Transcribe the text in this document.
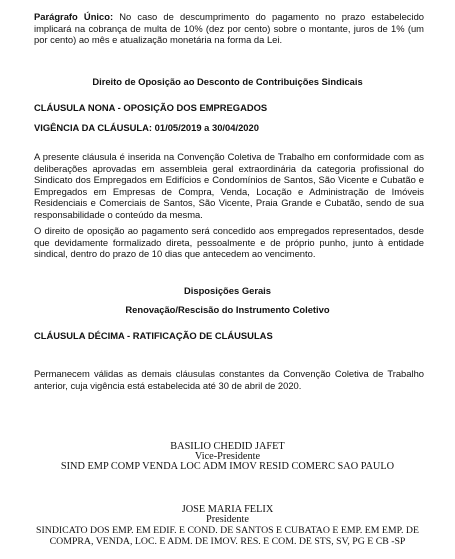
Parágrafo Único: No caso de descumprimento do pagamento no prazo estabelecido implicará na cobrança de multa de 10% (dez por cento) sobre o montante, juros de 1% (um por cento) ao mês e atualização monetária na forma da Lei.
Direito de Oposição ao Desconto de Contribuições Sindicais
CLÁUSULA NONA - OPOSIÇÃO DOS EMPREGADOS
VIGÊNCIA DA CLÁUSULA: 01/05/2019 a 30/04/2020
A presente cláusula é inserida na Convenção Coletiva de Trabalho em conformidade com as deliberações aprovadas em assembleia geral extraordinária da categoria profissional do Sindicato dos Empregados em Edifícios e Condomínios de Santos, São Vicente e Cubatão e Empregados em Empresas de Compra, Venda, Locação e Administração de Imóveis Residenciais e Comerciais de Santos, São Vicente, Praia Grande e Cubatão, sendo de sua responsabilidade o conteúdo da mesma.
O direito de oposição ao pagamento será concedido aos empregados representados, desde que devidamente formalizado direta, pessoalmente e de próprio punho, junto à entidade sindical, dentro do prazo de 10 dias que antecedem ao vencimento.
Disposições Gerais
Renovação/Rescisão do Instrumento Coletivo
CLÁUSULA DÉCIMA - RATIFICAÇÃO DE CLÁUSULAS
Permanecem válidas as demais cláusulas constantes da Convenção Coletiva de Trabalho anterior, cuja vigência está estabelecida até 30 de abril de 2020.
BASILIO CHEDID JAFET
Vice-Presidente
SIND EMP COMP VENDA LOC ADM IMOV RESID COMERC SAO PAULO
JOSE MARIA FELIX
Presidente
SINDICATO DOS EMP. EM EDIF. E COND. DE SANTOS E CUBATAO E EMP. EM EMP. DE
COMPRA, VENDA, LOC. E ADM. DE IMOV. RES. E COM. DE STS, SV, PG E CB -SP
